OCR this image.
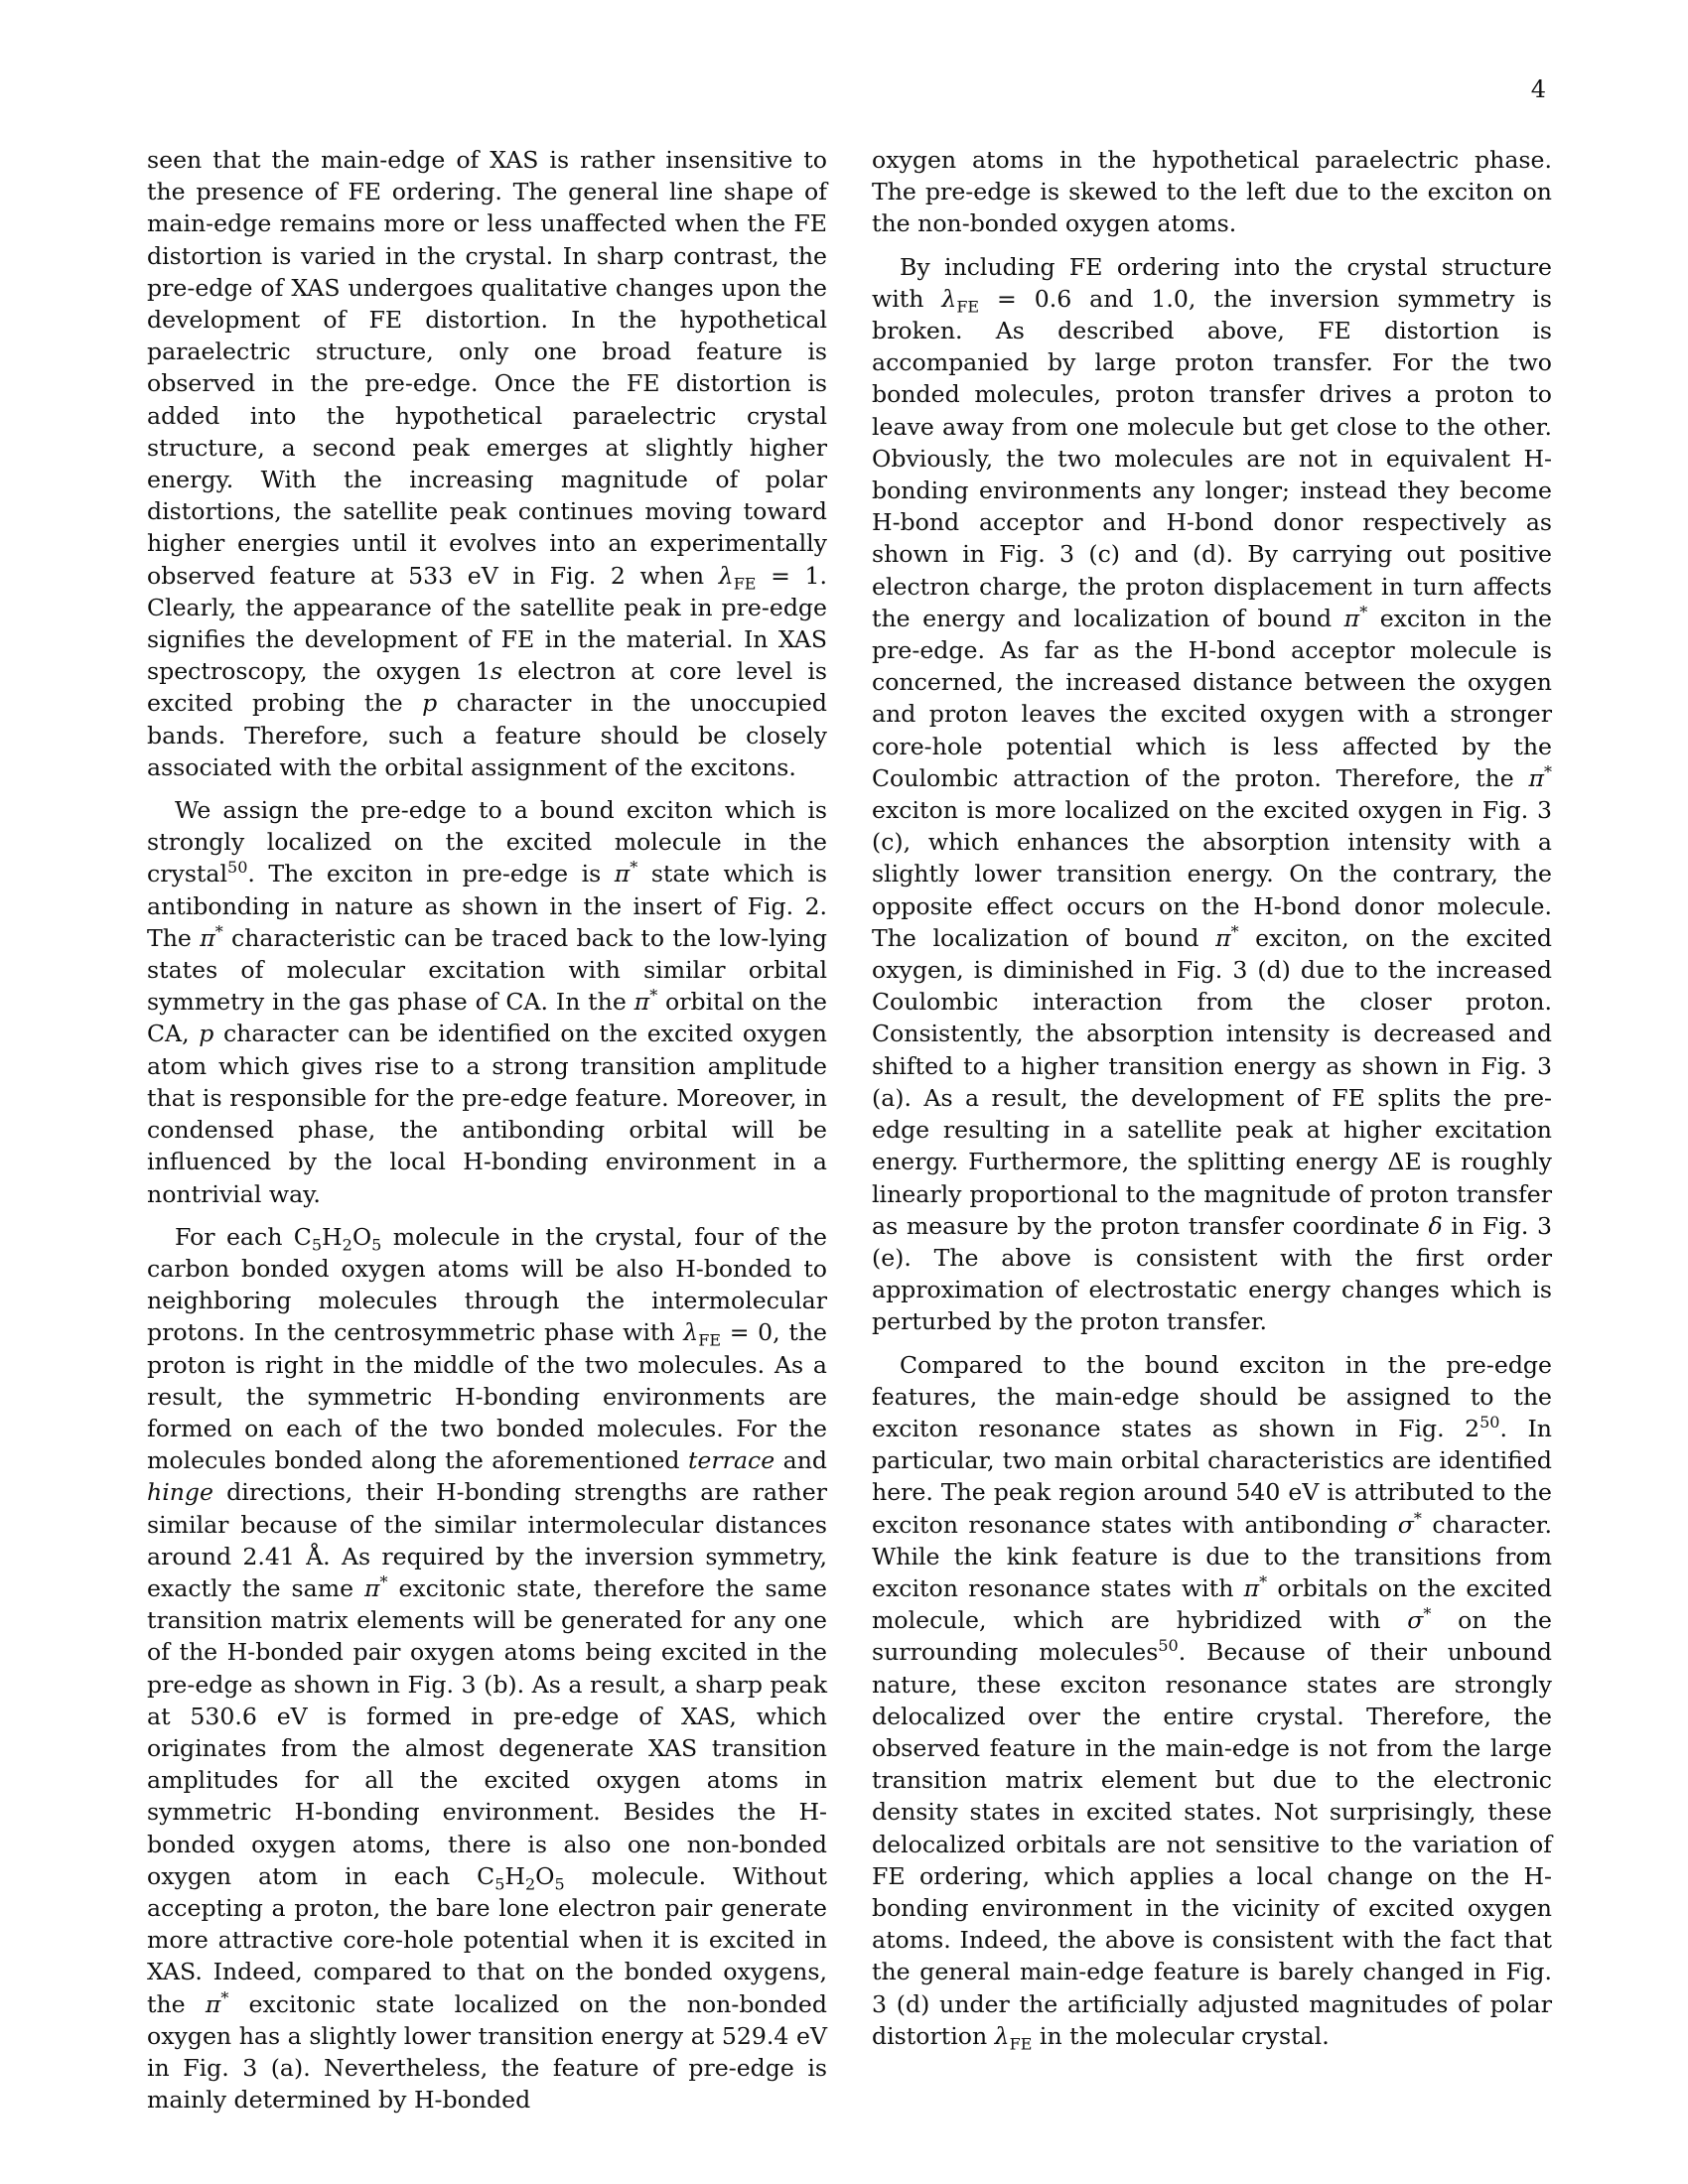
4

seen that the main-edge of XAS is rather insensitive to the presence of FE ordering. The general line shape of main-edge remains more or less unaffected when the FE distortion is varied in the crystal. In sharp contrast, the pre-edge of XAS undergoes qualitative changes upon the development of FE distortion. In the hypothetical paraelectric structure, only one broad feature is observed in the pre-edge. Once the FE distortion is added into the hypothetical paraelectric crystal structure, a second peak emerges at slightly higher energy. With the increasing magnitude of polar distortions, the satellite peak continues moving toward higher energies until it evolves into an experimentally observed feature at 533 eV in Fig. 2 when $\lambda_{FE} = 1$. Clearly, the appearance of the satellite peak in pre-edge signifies the development of FE in the material. In XAS spectroscopy, the oxygen 1s electron at core level is excited probing the p character in the unoccupied bands. Therefore, such a feature should be closely associated with the orbital assignment of the excitons.

We assign the pre-edge to a bound exciton which is strongly localized on the excited molecule in the crystal$^{50}$. The exciton in pre-edge is π* state which is antibonding in nature as shown in the insert of Fig. 2. The π* characteristic can be traced back to the low-lying states of molecular excitation with similar orbital symmetry in the gas phase of CA. In the π* orbital on the CA, p character can be identified on the excited oxygen atom which gives rise to a strong transition amplitude that is responsible for the pre-edge feature. Moreover, in condensed phase, the antibonding orbital will be influenced by the local H-bonding environment in a nontrivial way.

For each $C_5H_2O_5$ molecule in the crystal, four of the carbon bonded oxygen atoms will be also H-bonded to neighboring molecules through the intermolecular protons. In the centrosymmetric phase with $\lambda_{FE} = 0$, the proton is right in the middle of the two molecules. As a result, the symmetric H-bonding environments are formed on each of the two bonded molecules. For the molecules bonded along the aforementioned terrace and hinge directions, their H-bonding strengths are rather similar because of the similar intermolecular distances around 2.41 Å. As required by the inversion symmetry, exactly the same π* excitonic state, therefore the same transition matrix elements will be generated for any one of the H-bonded pair oxygen atoms being excited in the pre-edge as shown in Fig. 3 (b). As a result, a sharp peak at 530.6 eV is formed in pre-edge of XAS, which originates from the almost degenerate XAS transition amplitudes for all the excited oxygen atoms in symmetric H-bonding environment. Besides the H-bonded oxygen atoms, there is also one non-bonded oxygen atom in each $C_5H_2O_5$ molecule. Without accepting a proton, the bare lone electron pair generate more attractive core-hole potential when it is excited in XAS. Indeed, compared to that on the bonded oxygens, the π* excitonic state localized on the non-bonded oxygen has a slightly lower transition energy at 529.4 eV in Fig. 3 (a). Nevertheless, the feature of pre-edge is mainly determined by H-bonded

oxygen atoms in the hypothetical paraelectric phase. The pre-edge is skewed to the left due to the exciton on the non-bonded oxygen atoms.

By including FE ordering into the crystal structure with $\lambda_{FE} = 0.6$ and 1.0, the inversion symmetry is broken. As described above, FE distortion is accompanied by large proton transfer. For the two bonded molecules, proton transfer drives a proton to leave away from one molecule but get close to the other. Obviously, the two molecules are not in equivalent H-bonding environments any longer; instead they become H-bond acceptor and H-bond donor respectively as shown in Fig. 3 (c) and (d). By carrying out positive electron charge, the proton displacement in turn affects the energy and localization of bound π* exciton in the pre-edge. As far as the H-bond acceptor molecule is concerned, the increased distance between the oxygen and proton leaves the excited oxygen with a stronger core-hole potential which is less affected by the Coulombic attraction of the proton. Therefore, the π* exciton is more localized on the excited oxygen in Fig. 3 (c), which enhances the absorption intensity with a slightly lower transition energy. On the contrary, the opposite effect occurs on the H-bond donor molecule. The localization of bound π* exciton, on the excited oxygen, is diminished in Fig. 3 (d) due to the increased Coulombic interaction from the closer proton. Consistently, the absorption intensity is decreased and shifted to a higher transition energy as shown in Fig. 3 (a). As a result, the development of FE splits the pre-edge resulting in a satellite peak at higher excitation energy. Furthermore, the splitting energy ΔE is roughly linearly proportional to the magnitude of proton transfer as measure by the proton transfer coordinate δ in Fig. 3 (e). The above is consistent with the first order approximation of electrostatic energy changes which is perturbed by the proton transfer.

Compared to the bound exciton in the pre-edge features, the main-edge should be assigned to the exciton resonance states as shown in Fig. $2^{50}$. In particular, two main orbital characteristics are identified here. The peak region around 540 eV is attributed to the exciton resonance states with antibonding σ* character. While the kink feature is due to the transitions from exciton resonance states with π* orbitals on the excited molecule, which are hybridized with σ* on the surrounding molecules$^{50}$. Because of their unbound nature, these exciton resonance states are strongly delocalized over the entire crystal. Therefore, the observed feature in the main-edge is not from the large transition matrix element but due to the electronic density states in excited states. Not surprisingly, these delocalized orbitals are not sensitive to the variation of FE ordering, which applies a local change on the H-bonding environment in the vicinity of excited oxygen atoms. Indeed, the above is consistent with the fact that the general main-edge feature is barely changed in Fig. 3 (d) under the artificially adjusted magnitudes of polar distortion $\lambda_{FE}$ in the molecular crystal.
